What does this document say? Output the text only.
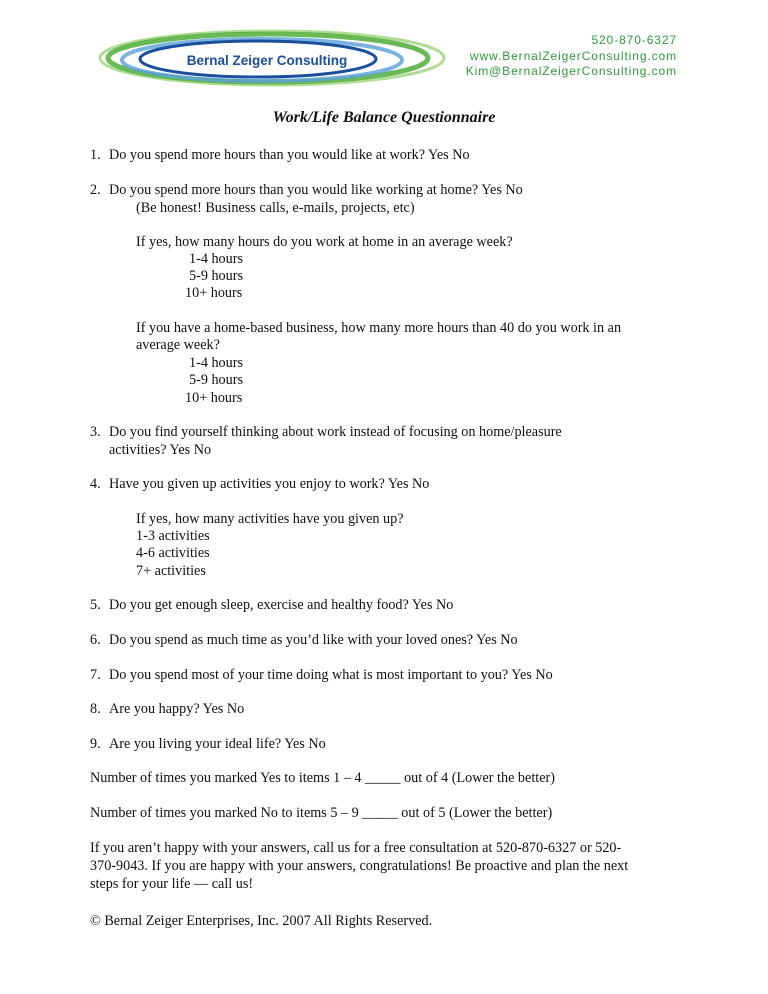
Bernal Zeiger Consulting
520-870-6327
www.BernalZeigerConsulting.com
Kim@BernalZeigerConsulting.com
Work/Life Balance Questionnaire
1. Do you spend more hours than you would like at work? Yes No
2. Do you spend more hours than you would like working at home? Yes No
(Be honest! Business calls, e-mails, projects, etc)
If yes, how many hours do you work at home in an average week?
1-4 hours
5-9 hours
10+ hours
If you have a home-based business, how many more hours than 40 do you work in an
average week?
1-4 hours
5-9 hours
10+ hours
3. Do you find yourself thinking about work instead of focusing on home/pleasure
activities? Yes No
4. Have you given up activities you enjoy to work? Yes No
If yes, how many activities have you given up?
1-3 activities
4-6 activities
7+ activities
5. Do you get enough sleep, exercise and healthy food? Yes No
6. Do you spend as much time as you’d like with your loved ones? Yes No
7. Do you spend most of your time doing what is most important to you? Yes No
8. Are you happy? Yes No
9. Are you living your ideal life? Yes No
Number of times you marked Yes to items 1 – 4 _____ out of 4 (Lower the better)
Number of times you marked No to items 5 – 9 _____ out of 5 (Lower the better)
If you aren’t happy with your answers, call us for a free consultation at 520-870-6327 or 520-
370-9043. If you are happy with your answers, congratulations! Be proactive and plan the next
steps for your life — call us!
© Bernal Zeiger Enterprises, Inc. 2007 All Rights Reserved.
